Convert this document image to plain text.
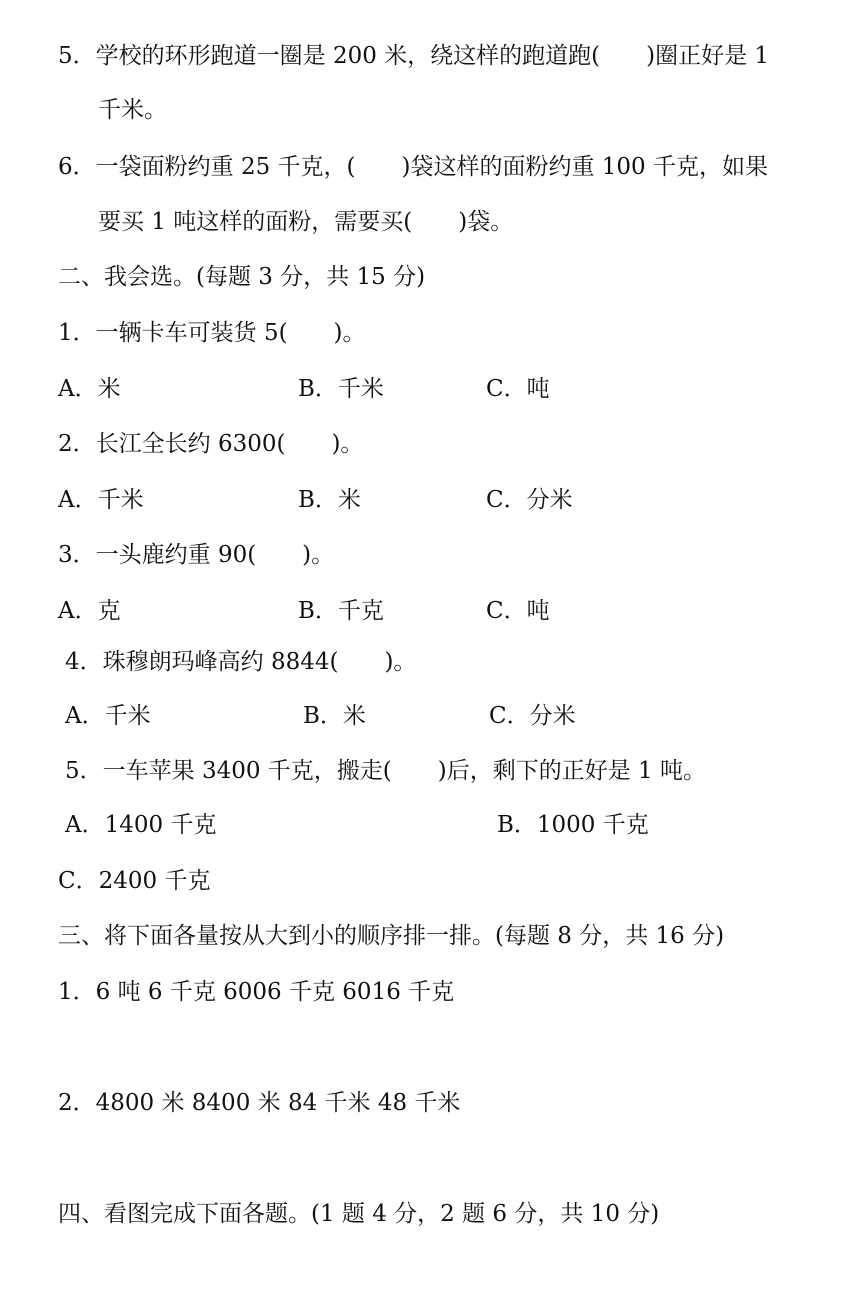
5．学校的环形跑道一圈是 200 米，绕这样的跑道跑(　　)圈正好是 1
千米。
6．一袋面粉约重 25 千克，(　　)袋这样的面粉约重 100 千克，如果
要买 1 吨这样的面粉，需要买(　　)袋。
二、我会选。(每题 3 分，共 15 分)
1．一辆卡车可装货 5(　　)。
A．米	B．千米	C．吨
2．长江全长约 6300(　　)。
A．千米	B．米	C．分米
3．一头鹿约重 90(　　)。
A．克	B．千克	C．吨
4．珠穆朗玛峰高约 8844(　　)。
A．千米	B．米	C．分米
5．一车苹果 3400 千克，搬走(　　)后，剩下的正好是 1 吨。
A．1400 千克	B．1000 千克
C．2400 千克
三、将下面各量按从大到小的顺序排一排。(每题 8 分，共 16 分)
1．6 吨 6 千克 6006 千克 6016 千克
2．4800 米 8400 米 84 千米 48 千米
四、看图完成下面各题。(1 题 4 分，2 题 6 分，共 10 分)
